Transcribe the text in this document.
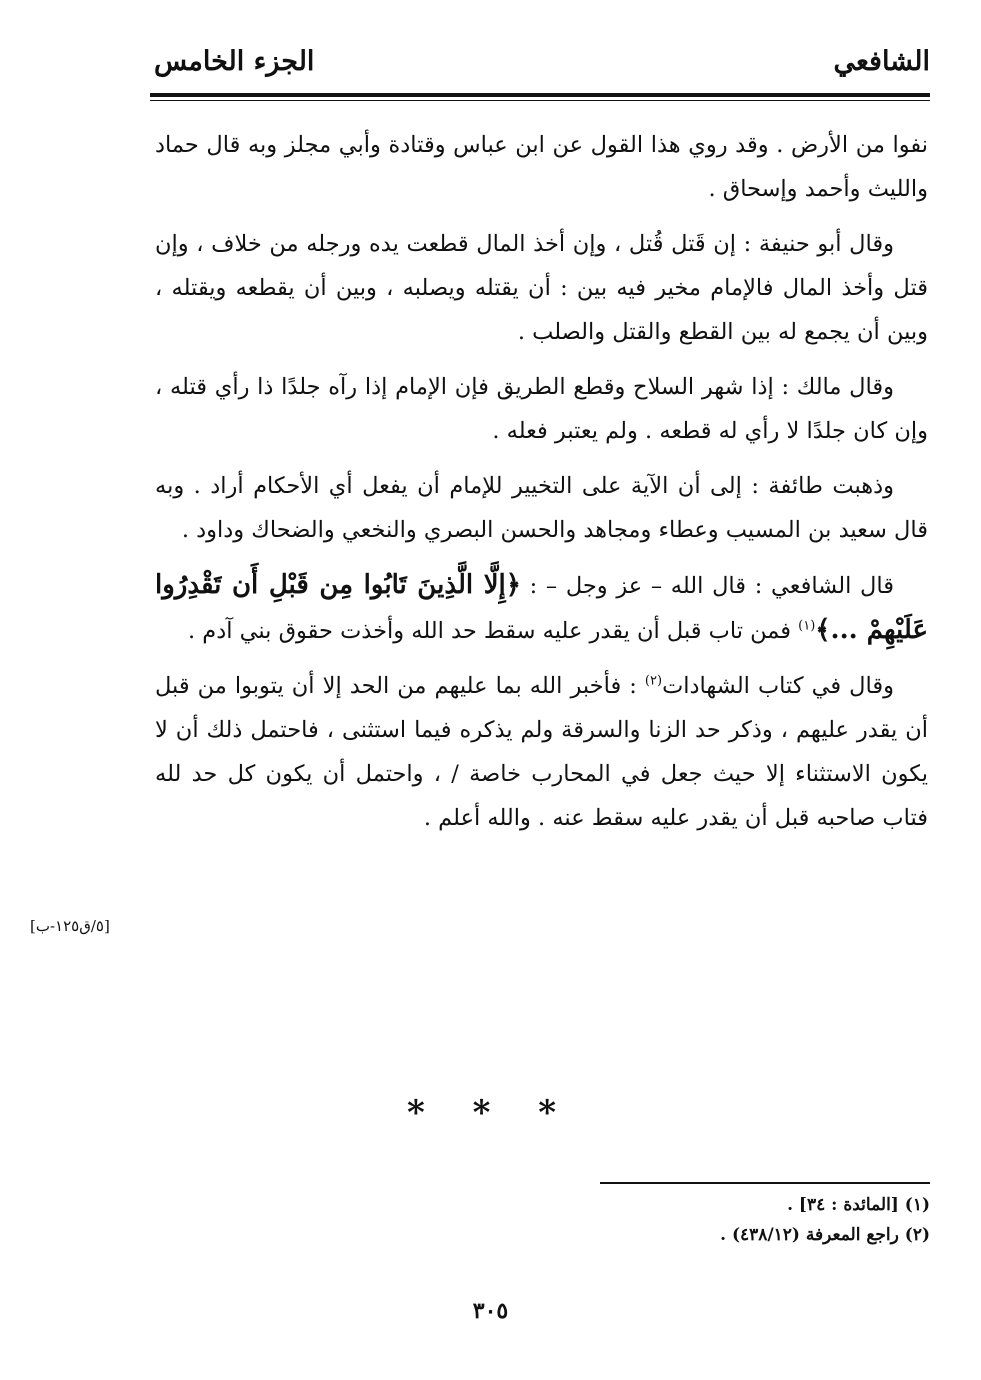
الشافعي
الجزء الخامس

نفوا من الأرض . وقد روي هذا القول عن ابن عباس وقتادة وأبي مجلز وبه قال حماد والليث وأحمد وإسحاق .

وقال أبو حنيفة : إن قَتل قُتل ، وإن أخذ المال قطعت يده ورجله من خلاف ، وإن قتل وأخذ المال فالإمام مخير فيه بين : أن يقتله ويصلبه ، وبين أن يقطعه ويقتله ، وبين أن يجمع له بين القطع والقتل والصلب .

وقال مالك : إذا شهر السلاح وقطع الطريق فإن الإمام إذا رآه جلدًا ذا رأي قتله ، وإن كان جلدًا لا رأي له قطعه . ولم يعتبر فعله .

وذهبت طائفة : إلى أن الآية على التخيير للإمام أن يفعل أي الأحكام أراد . وبه قال سعيد بن المسيب وعطاء ومجاهد والحسن البصري والنخعي والضحاك وداود .

قال الشافعي : قال الله – عز وجل – : ﴿إِلَّا الَّذِينَ تَابُوا مِن قَبْلِ أَن تَقْدِرُوا عَلَيْهِمْ ...﴾$^{(١)}$ فمن تاب قبل أن يقدر عليه سقط حد الله وأخذت حقوق بني آدم .

وقال في كتاب الشهادات$^{(٢)}$ : فأخبر الله بما عليهم من الحد إلا أن يتوبوا من قبل أن يقدر عليهم ، وذكر حد الزنا والسرقة ولم يذكره فيما استثنى ، فاحتمل ذلك أن لا يكون الاستثناء إلا حيث جعل في المحارب خاصة / ، واحتمل أن يكون كل حد لله فتاب صاحبه قبل أن يقدر عليه سقط عنه . والله أعلم .

[٥/ق١٢٥-ب]
* * *
(١) [المائدة : ٣٤] .
(٢) راجع المعرفة (٤٣٨/١٢) .
٣٠٥
